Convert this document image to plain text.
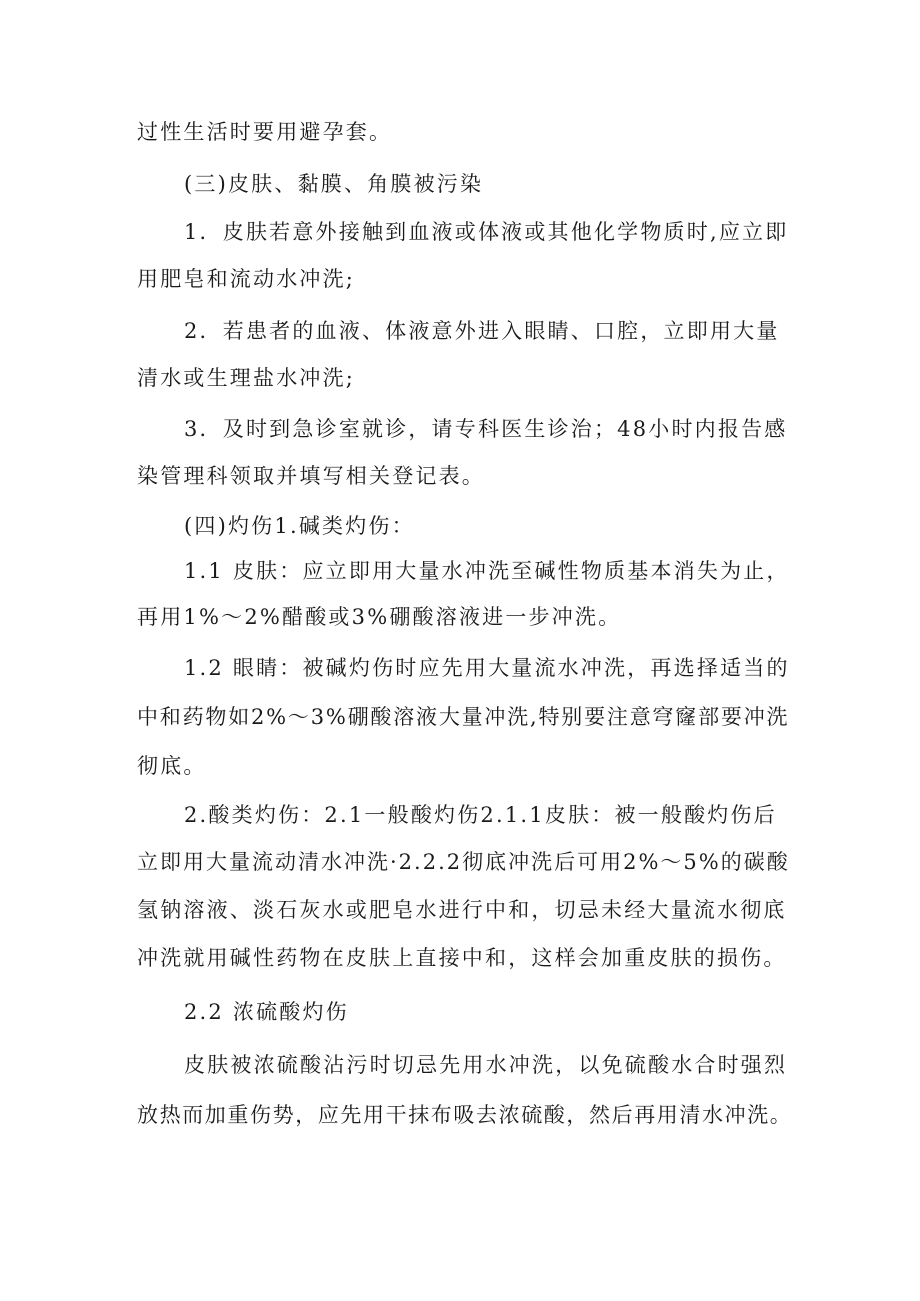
过性生活时要用避孕套。
(三)皮肤、黏膜、角膜被污染
1．皮肤若意外接触到血液或体液或其他化学物质时,应立即
用肥皂和流动水冲洗;
2．若患者的血液、体液意外进入眼睛、口腔，立即用大量
清水或生理盐水冲洗;
3．及时到急诊室就诊，请专科医生诊治；48小时内报告感
染管理科领取并填写相关登记表。
(四)灼伤1.碱类灼伤：
1.1 皮肤：应立即用大量水冲洗至碱性物质基本消失为止，
再用1%～2%醋酸或3%硼酸溶液进一步冲洗。
1.2 眼睛：被碱灼伤时应先用大量流水冲洗，再选择适当的
中和药物如2%～3%硼酸溶液大量冲洗,特别要注意穹窿部要冲洗
彻底。
2.酸类灼伤：2.1一般酸灼伤2.1.1皮肤：被一般酸灼伤后
立即用大量流动清水冲洗·2.2.2彻底冲洗后可用2%～5%的碳酸
氢钠溶液、淡石灰水或肥皂水进行中和，切忌未经大量流水彻底
冲洗就用碱性药物在皮肤上直接中和，这样会加重皮肤的损伤。
2.2 浓硫酸灼伤
皮肤被浓硫酸沾污时切忌先用水冲洗，以免硫酸水合时强烈
放热而加重伤势，应先用干抹布吸去浓硫酸，然后再用清水冲洗。
